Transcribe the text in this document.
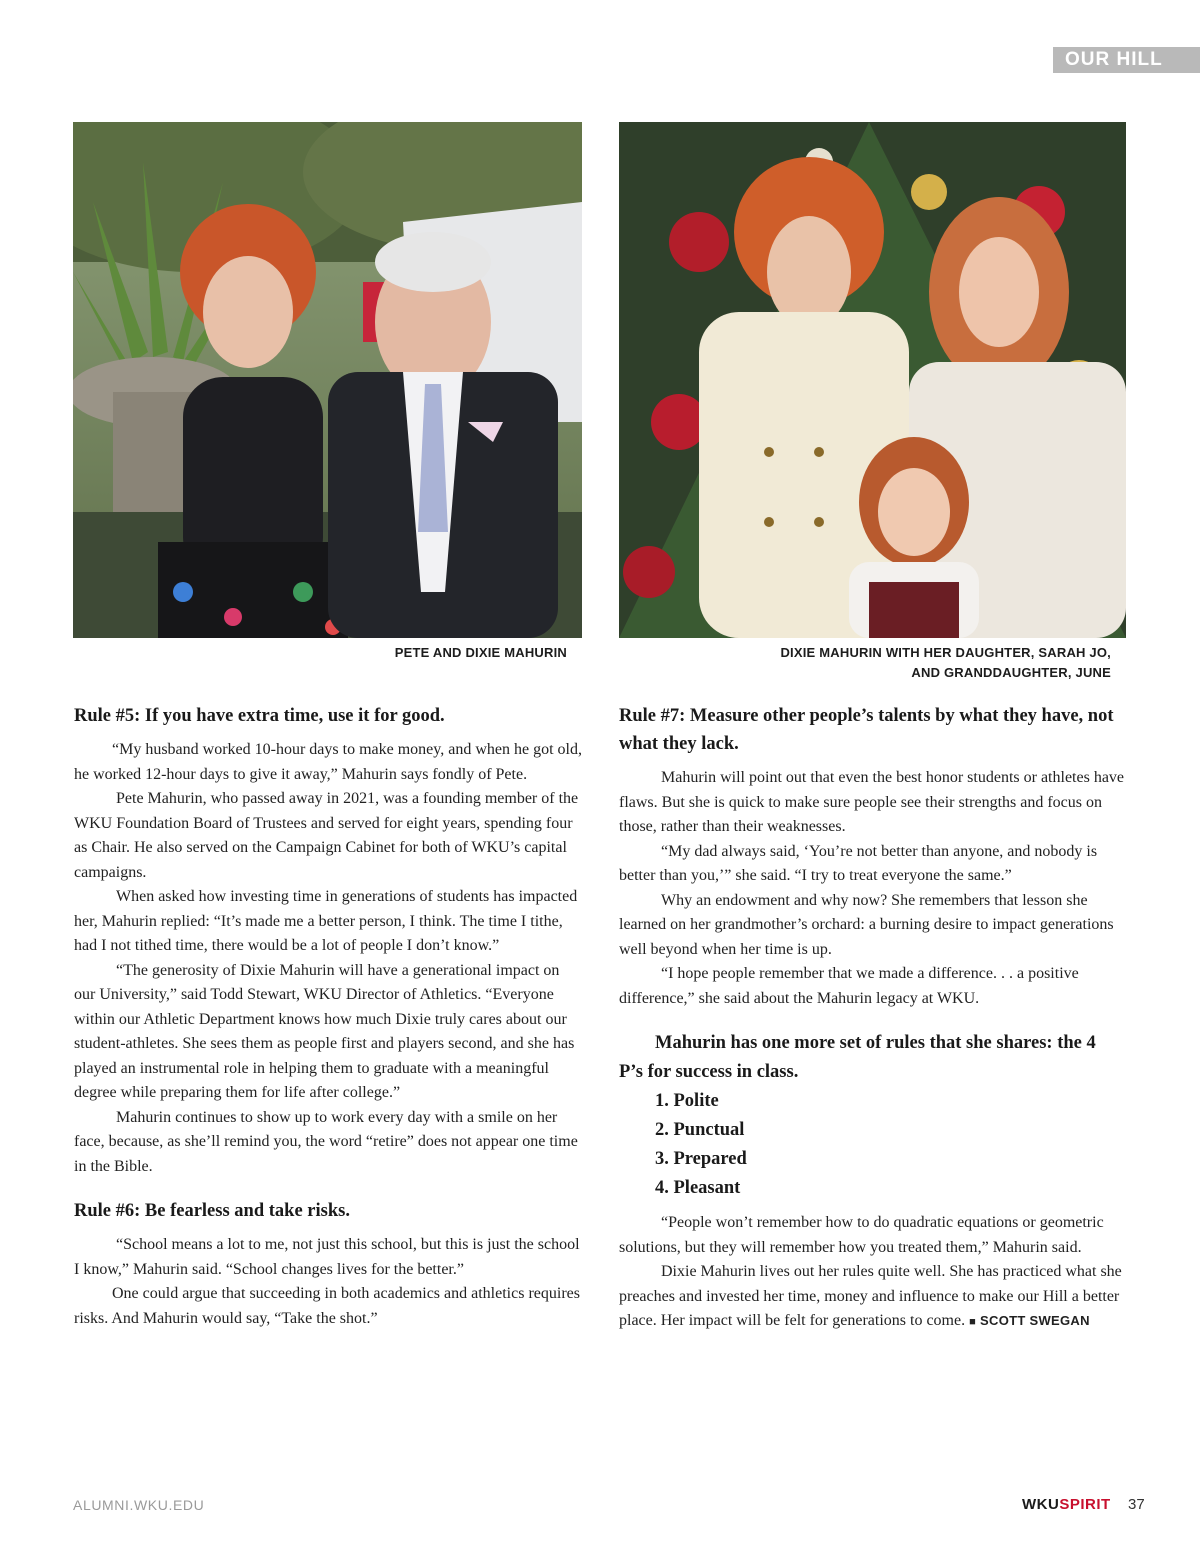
OUR HILL
PETE AND DIXIE MAHURIN	DIXIE MAHURIN WITH HER DAUGHTER, SARAH JO,
AND GRANDDAUGHTER, JUNE
Rule #5: If you have extra time, use it for good.

“My husband worked 10-hour days to make money, and when he got old, he worked 12-hour days to give it away,” Mahurin says fondly of Pete.

Pete Mahurin, who passed away in 2021, was a founding member of the WKU Foundation Board of Trustees and served for eight years, spending four as Chair. He also served on the Campaign Cabinet for both of WKU’s capital campaigns.

When asked how investing time in generations of students has impacted her, Mahurin replied: “It’s made me a better person, I think. The time I tithe, had I not tithed time, there would be a lot of people I don’t know.”

“The generosity of Dixie Mahurin will have a generational impact on our University,” said Todd Stewart, WKU Director of Athletics. “Everyone within our Athletic Department knows how much Dixie truly cares about our student-athletes. She sees them as people first and players second, and she has played an instrumental role in helping them to graduate with a meaningful degree while preparing them for life after college.”

Mahurin continues to show up to work every day with a smile on her face, because, as she’ll remind you, the word “retire” does not appear one time in the Bible.

Rule #6: Be fearless and take risks.

“School means a lot to me, not just this school, but this is just the school I know,” Mahurin said. “School changes lives for the better.”

One could argue that succeeding in both academics and athletics requires risks. And Mahurin would say, “Take the shot.”

Rule #7: Measure other people’s talents by what they have, not what they lack.

Mahurin will point out that even the best honor students or athletes have flaws. But she is quick to make sure people see their strengths and focus on those, rather than their weaknesses.

“My dad always said, ‘You’re not better than anyone, and nobody is better than you,’” she said. “I try to treat everyone the same.”

Why an endowment and why now? She remembers that lesson she learned on her grandmother’s orchard: a burning desire to impact generations well beyond when her time is up.

“I hope people remember that we made a difference. . . a positive difference,” she said about the Mahurin legacy at WKU.

Mahurin has one more set of rules that she shares: the 4 P’s for success in class.

1. Polite
2. Punctual
3. Prepared
4. Pleasant

“People won’t remember how to do quadratic equations or geometric solutions, but they will remember how you treated them,” Mahurin said.

Dixie Mahurin lives out her rules quite well. She has practiced what she preaches and invested her time, money and influence to make our Hill a better place. Her impact will be felt for generations to come. ■ SCOTT SWEGAN

ALUMNI.WKU.EDU	WKUSPIRIT 37
